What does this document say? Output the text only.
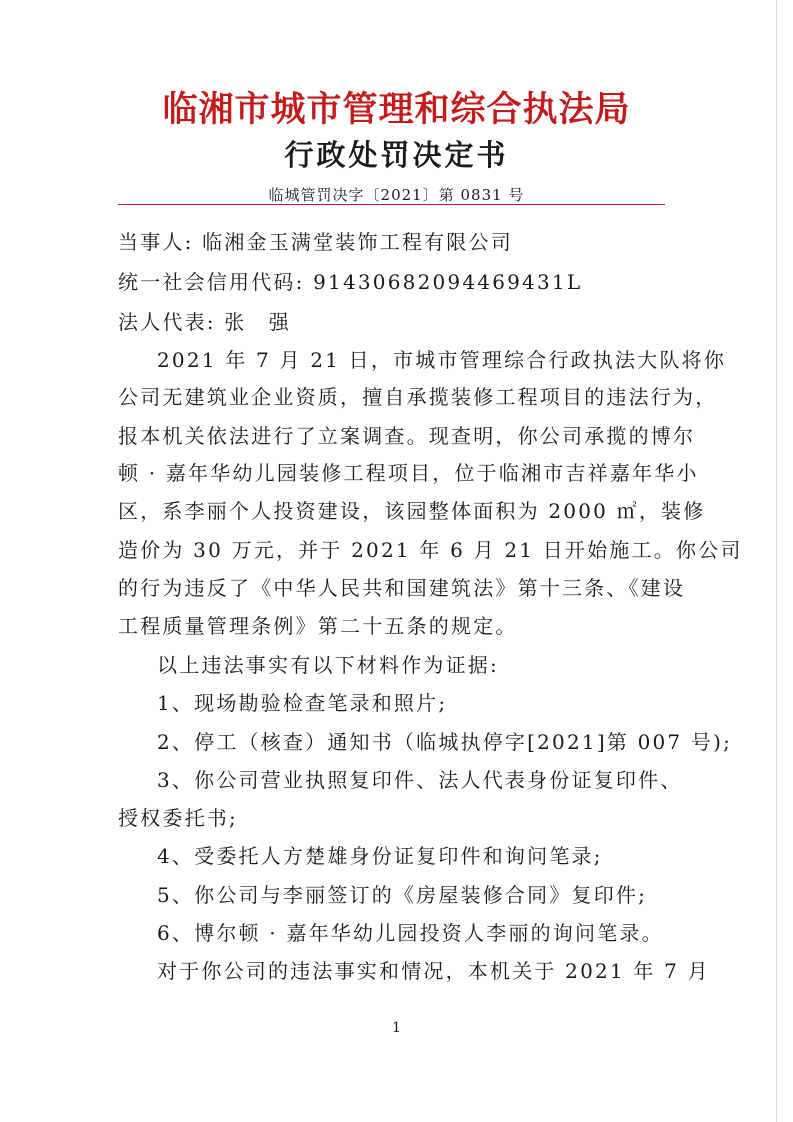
临湘市城市管理和综合执法局
行政处罚决定书
临城管罚决字〔2021〕第 0831 号
当事人: 临湘金玉满堂装饰工程有限公司
统一社会信用代码: 91430682094469431L
法人代表: 张　强
2021 年 7 月 21 日，市城市管理综合行政执法大队将你
公司无建筑业企业资质，擅自承揽装修工程项目的违法行为，
报本机关依法进行了立案调查。现查明，你公司承揽的博尔
顿 · 嘉年华幼儿园装修工程项目，位于临湘市吉祥嘉年华小
区，系李丽个人投资建设，该园整体面积为 2000 ㎡，装修
造价为 30 万元，并于 2021 年 6 月 21 日开始施工。你公司
的行为违反了《中华人民共和国建筑法》第十三条、《建设
工程质量管理条例》第二十五条的规定。
以上违法事实有以下材料作为证据:
1、现场勘验检查笔录和照片;
2、停工（核查）通知书（临城执停字[2021]第 007 号);
3、你公司营业执照复印件、法人代表身份证复印件、
授权委托书;
4、受委托人方楚雄身份证复印件和询问笔录;
5、你公司与李丽签订的《房屋装修合同》复印件;
6、博尔顿 · 嘉年华幼儿园投资人李丽的询问笔录。
对于你公司的违法事实和情况，本机关于 2021 年 7 月
1
